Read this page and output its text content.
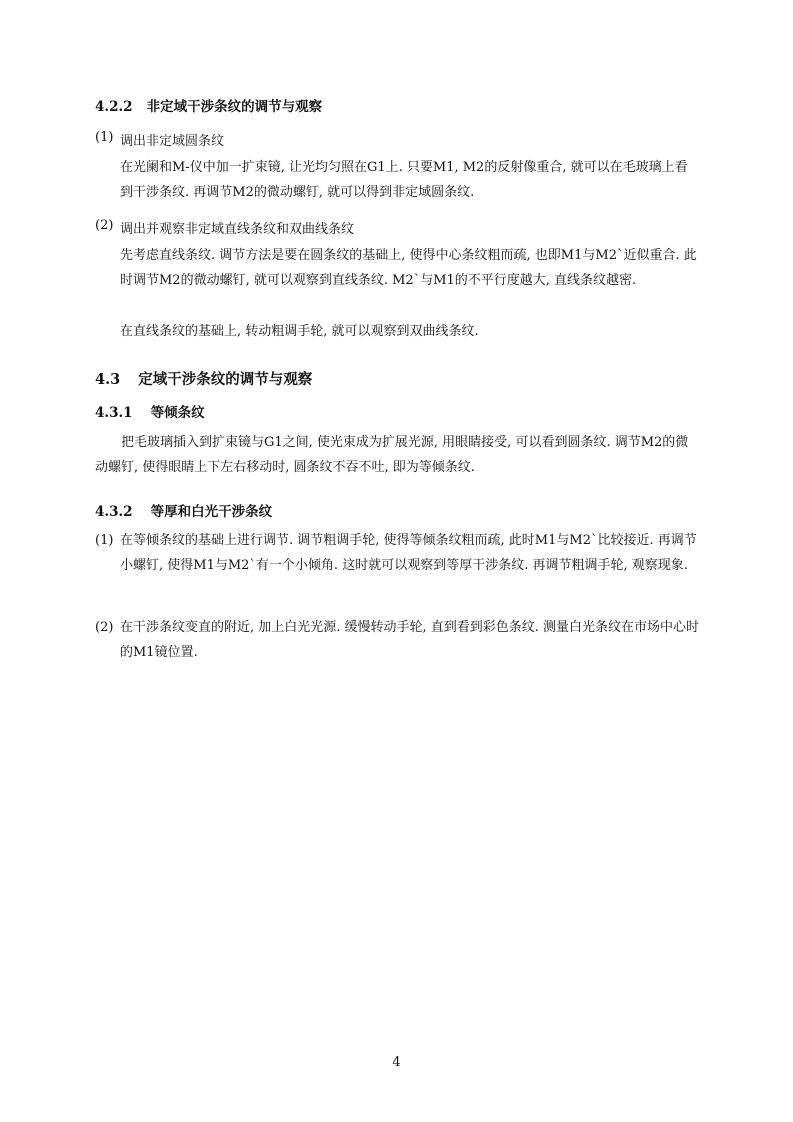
4.2.2 非定域干涉条纹的调节与观察
(1) 调出非定域圆条纹

在光阑和M-仪中加一扩束镜, 让光均匀照在G1上. 只要M1, M2的反射像重合, 就可以在毛玻璃上看到干涉条纹. 再调节M2的微动螺钉, 就可以得到非定域圆条纹.

(2) 调出并观察非定域直线条纹和双曲线条纹

先考虑直线条纹. 调节方法是要在圆条纹的基础上, 使得中心条纹粗而疏, 也即M1与M2`近似重合. 此时调节M2的微动螺钉, 就可以观察到直线条纹. M2`与M1的不平行度越大, 直线条纹越密.

在直线条纹的基础上, 转动粗调手轮, 就可以观察到双曲线条纹.

4.3 定域干涉条纹的调节与观察
4.3.1 等倾条纹

把毛玻璃插入到扩束镜与G1之间, 使光束成为扩展光源, 用眼睛接受, 可以看到圆条纹. 调节M2的微动螺钉, 使得眼睛上下左右移动时, 圆条纹不吞不吐, 即为等倾条纹.

4.3.2 等厚和白光干涉条纹
(1) 在等倾条纹的基础上进行调节. 调节粗调手轮, 使得等倾条纹粗而疏, 此时M1与M2`比较接近. 再调节小螺钉, 使得M1与M2`有一个小倾角. 这时就可以观察到等厚干涉条纹. 再调节粗调手轮, 观察现象.

(2) 在干涉条纹变直的附近, 加上白光光源. 缓慢转动手轮, 直到看到彩色条纹. 测量白光条纹在市场中心时的M1镜位置.

4
